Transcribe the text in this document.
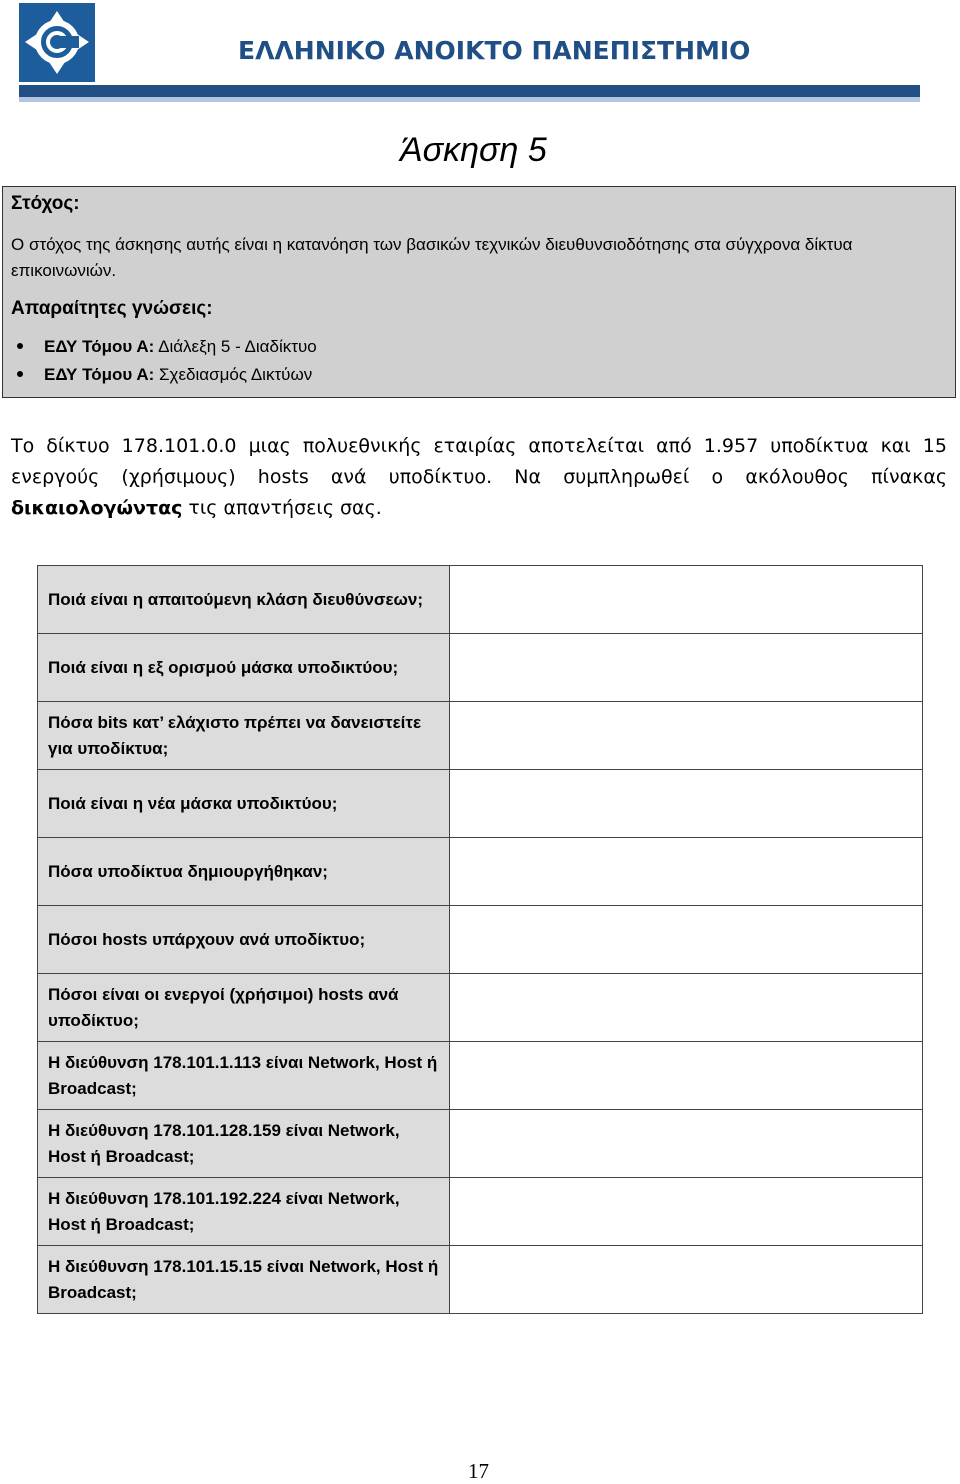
ΕΛΛΗΝΙΚΟ ΑΝΟΙΚΤΟ ΠΑΝΕΠΙΣΤΗΜΙΟ
Άσκηση 5
Στόχος:
Ο στόχος της άσκησης αυτής είναι η κατανόηση των βασικών τεχνικών διευθυνσιοδότησης στα σύγχρονα δίκτυα επικοινωνιών.
Απαραίτητες γνώσεις:
ΕΔΥ Τόμου Α: Διάλεξη 5 - Διαδίκτυο
ΕΔΥ Τόμου Α: Σχεδιασμός Δικτύων
Το δίκτυο 178.101.0.0 μιας πολυεθνικής εταιρίας αποτελείται από 1.957 υποδίκτυα και 15
ενεργούς (χρήσιμους) hosts ανά υποδίκτυο. Να συμπληρωθεί ο ακόλουθος πίνακας
δικαιολογώντας τις απαντήσεις σας.
Ποιά είναι η απαιτούμενη κλάση διευθύνσεων;	
Ποιά είναι η εξ ορισμού μάσκα υποδικτύου;	
Πόσα bits κατ’ ελάχιστο πρέπει να δανειστείτε για υποδίκτυα;	
Ποιά είναι η νέα μάσκα υποδικτύου;	
Πόσα υποδίκτυα δημιουργήθηκαν;	
Πόσοι hosts υπάρχουν ανά υποδίκτυο;	
Πόσοι είναι οι ενεργοί (χρήσιμοι) hosts ανά υποδίκτυο;	
Η διεύθυνση 178.101.1.113 είναι Network, Host ή Broadcast;	
Η διεύθυνση 178.101.128.159 είναι Network, Host ή Broadcast;	
Η διεύθυνση 178.101.192.224 είναι Network, Host ή Broadcast;	
Η διεύθυνση 178.101.15.15 είναι Network, Host ή Broadcast;	
17
